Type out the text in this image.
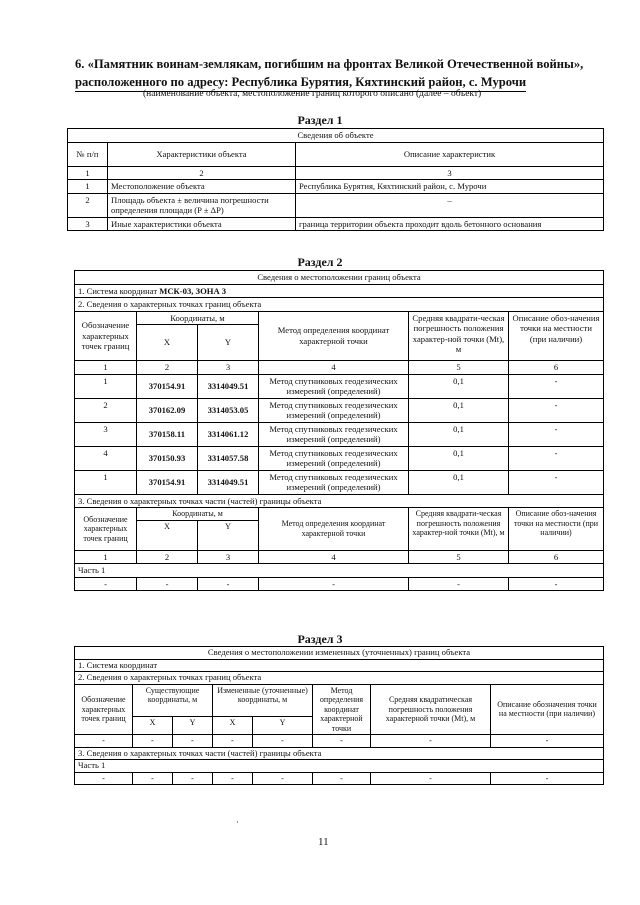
6. «Памятник воинам-землякам, погибшим на фронтах Великой Отечественной войны»,
расположенного по адресу: Республика Бурятия, Кяхтинский район, с. Мурочи
(наименование объекта, местоположение границ которого описано (далее – объект)
Раздел 1
Сведения об объекте		
№ п/п	Характеристики объекта	Описание характеристик
1	2	3
1	Местоположение объекта	Республика Бурятия, Кяхтинский район, с. Мурочи
2	Площадь объекта ± величина погрешности определения площади (P ± ΔP)	–
3	Иные характеристики объекта	граница территории объекта проходит вдоль бетонного основания
Раздел 2
Сведения о местоположении границ объекта					
1. Система координат МСК-03, ЗОНА 3					
2. Сведения о характерных точках границ объекта					
Обозначение характерных точек границ	Координаты, м		Метод определения координат характерной точки	Средняя квадрати-ческая погрешность положения характер-ной точки (Mt), м	Описание обоз-начения точки на местности (при наличии)
	X	Y			
1	2	3	4	5	6
1	370154.91	3314049.51	Метод спутниковых геодезических измерений (определений)	0,1	-
2	370162.09	3314053.05	Метод спутниковых геодезических измерений (определений)	0,1	-
3	370158.11	3314061.12	Метод спутниковых геодезических измерений (определений)	0,1	-
4	370150.93	3314057.58	Метод спутниковых геодезических измерений (определений)	0,1	-
1	370154.91	3314049.51	Метод спутниковых геодезических измерений (определений)	0,1	-
3. Сведения о характерных точках части (частей) границы объекта					
Обозначение характерных точек границ	Координаты, м		Метод определения координат характерной точки	Средняя квадрати-ческая погрешность положения характер-ной точки (Mt), м	Описание обоз-начения точки на местности (при наличии)
	X	Y			
1	2	3	4	5	6
Часть 1					
-	-	-	-	-	-
Раздел 3
Сведения о местоположении измененных (уточненных) границ объекта							
1. Система координат							
2. Сведения о характерных точках границ объекта							
Обозначение характерных точек границ	Существующие координаты, м		Измененные (уточненные) координаты, м		Метод определения координат характерной точки	Средняя квадратическая погрешность положения характерной точки (Mt), м	Описание обозначения точки на местности (при наличии)
	X	Y	X	Y			
-	-	-	-	-	-	-	-
3. Сведения о характерных точках части (частей) границы объекта							
Часть 1							
-	-	-	-	-	-	-	-
·
11
